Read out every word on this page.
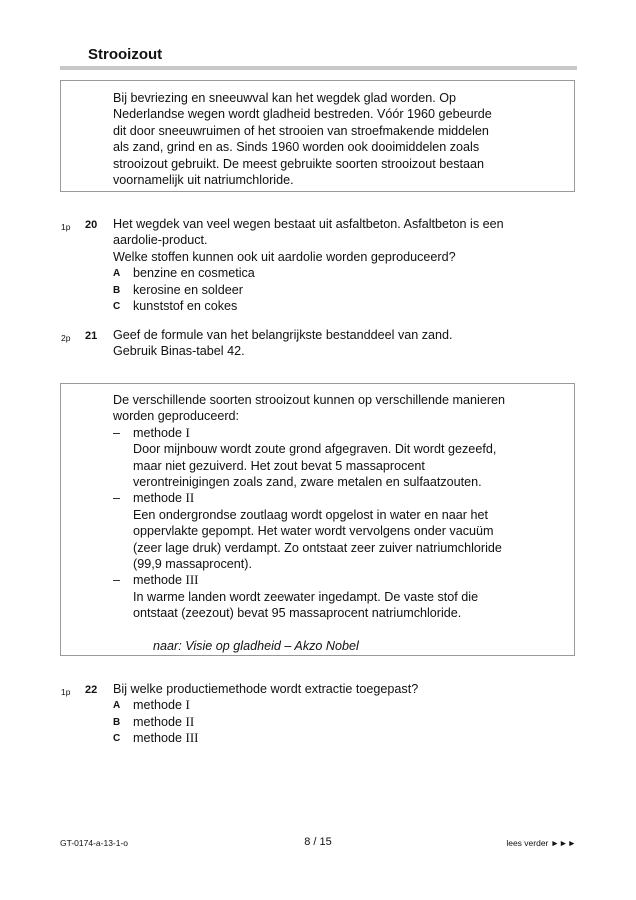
Strooizout
Bij bevriezing en sneeuwval kan het wegdek glad worden. Op
Nederlandse wegen wordt gladheid bestreden. Vóór 1960 gebeurde
dit door sneeuwruimen of het strooien van stroefmakende middelen
als zand, grind en as. Sinds 1960 worden ook dooimiddelen zoals
strooizout gebruikt. De meest gebruikte soorten strooizout bestaan
voornamelijk uit natriumchloride.
1p 20 Het wegdek van veel wegen bestaat uit asfaltbeton. Asfaltbeton is een
aardolie-product.
Welke stoffen kunnen ook uit aardolie worden geproduceerd?
A benzine en cosmetica
B kerosine en soldeer
C kunststof en cokes
2p 21 Geef de formule van het belangrijkste bestanddeel van zand.
Gebruik Binas-tabel 42.
De verschillende soorten strooizout kunnen op verschillende manieren
worden geproduceerd:
– methode I
Door mijnbouw wordt zoute grond afgegraven. Dit wordt gezeefd,
maar niet gezuiverd. Het zout bevat 5 massaprocent
verontreinigingen zoals zand, zware metalen en sulfaatzouten.
– methode II
Een ondergrondse zoutlaag wordt opgelost in water en naar het
oppervlakte gepompt. Het water wordt vervolgens onder vacuüm
(zeer lage druk) verdampt. Zo ontstaat zeer zuiver natriumchloride
(99,9 massaprocent).
– methode III
In warme landen wordt zeewater ingedampt. De vaste stof die
ontstaat (zeezout) bevat 95 massaprocent natriumchloride.
naar: Visie op gladheid – Akzo Nobel
1p 22 Bij welke productiemethode wordt extractie toegepast?
A methode I
B methode II
C methode III
GT-0174-a-13-1-o	8 / 15	lees verder ►►►
